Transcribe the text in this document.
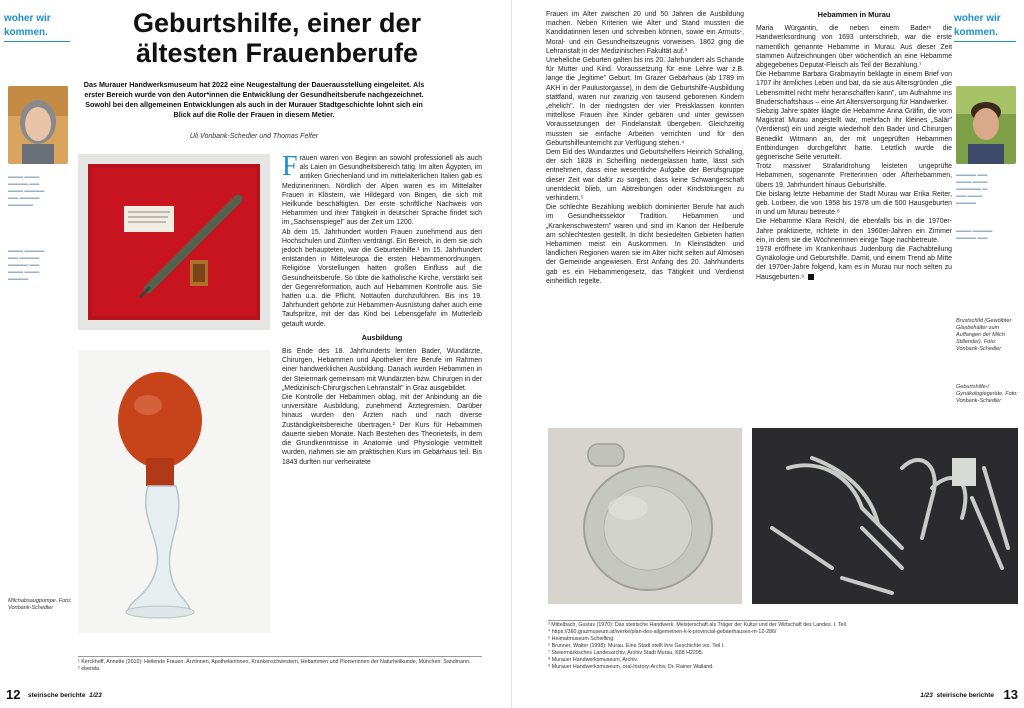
woher wir kommen.	Geburtshilfe, einer der ältesten Frauenberufe
Das Murauer Handwerksmuseum hat 2022 eine Neugestaltung der Dauerausstellung eingeleitet. Als erster Bereich wurde von den Autor*innen die Entwicklung der Gesundheitsberufe nachgezeichnet. Sowohl bei den allgemeinen Entwicklungen als auch in der Murauer Stadtgeschichte lohnt sich ein Blick auf die Rolle der Frauen in diesem Metier.
Uli Vonbank-Schedler und Thomas Felfer
▬▬▬ ▬▬▬
▬▬▬▬ ▬▬
▬▬▬ ▬▬▬▬
▬▬ ▬▬▬▬
▬▬▬▬▬
▬▬▬ ▬▬▬▬
▬▬ ▬▬▬▬
▬▬▬▬ ▬▬
▬▬▬ ▬▬▬
▬▬▬▬
Milchabsaugpumpe. Foto: Vonbank-Schedler

Frauen waren von Beginn an sowohl professionell als auch als Laien im Gesundheitsbereich tätig. Im alten Ägypten, im antiken Griechenland und im mittelalterlichen Italien gab es Medizinerinnen. Nördlich der Alpen waren es im Mittelalter Frauen in Klöstern, wie Hildegard von Bingen, die sich mit Heilkunde beschäftigten. Der erste schriftliche Nachweis von Hebammen und ihrer Tätigkeit in deutscher Sprache findet sich im „Sachsenspiegel" aus der Zeit um 1200.

Ab dem 15. Jahrhundert wurden Frauen zunehmend aus den Hochschulen und Zünften verdrängt. Ein Bereich, in dem sie sich jedoch behaupteten, war die Geburtenhilfe.¹ Im 15. Jahrhundert entstanden in Mitteleuropa die ersten Hebammenordnungen. Religiöse Vorstellungen hatten großen Einfluss auf die Gesundheitsberufe. So übte die katholische Kirche, verstärkt seit der Gegenreformation, auch auf Hebammen Kontrolle aus. Sie hatten u.a. die Pflicht, Nottaufen durchzuführen. Bis ins 19. Jahrhundert gehörte zur Hebammen-Ausrüstung daher auch eine Taufspritze, mit der das Kind bei Lebensgefahr im Mutterleib getauft wurde.

Ausbildung

Bis Ende des 18. Jahrhunderts lernten Bader, Wundärzte, Chirurgen, Hebammen und Apotheker ihre Berufe im Rahmen einer handwerklichen Ausbildung. Danach wurden Hebammen in der Steiermark gemeinsam mit Wundärzten bzw. Chirurgen in der „Medizinisch-Chirurgischen Lehranstalt" in Graz ausgebildet.

Die Kontrolle der Hebammen oblag, mit der Anbindung an die universitäre Ausbildung, zunehmend Ärztegremien. Darüber hinaus wurden den Ärzten nach und nach diverse Zuständigkeitsbereiche übertragen.² Der Kurs für Hebammen dauerte sieben Monate. Nach Bestehen des Theorieteils, in dem die Grundkenntnisse in Anatomie und Physiologie vermittelt wurden, nahmen sie am praktischen Kurs im Gebärhaus teil. Bis 1843 durften nur verheiratete

¹ Kerckhoff, Annette (2010): Heilende Frauen. Ärztinnen, Apothekerinnen, Krankenschwestern, Hebammen und Pionierinnen der Naturheilkunde, München: Sandmann.
² ebenda.
12 steirische berichte 1/23

Frauen im Alter zwischen 20 und 50 Jahren die Ausbildung machen. Neben Kriterien wie Alter und Stand mussten die Kandidatinnen lesen und schreiben können, sowie ein Armuts-, Moral- und ein Gesundheitszeugnis vorweisen. 1862 ging die Lehranstalt in der Medizinischen Fakultät auf.³

Uneheliche Geburten galten bis ins 20. Jahrhundert als Schande für Mutter und Kind. Voraussetzung für eine Lehre war z.B. lange die „legitime" Geburt. Im Grazer Gebärhaus (ab 1789 im AKH in der Paulustorgasse), in dem die Geburtshilfe-Ausbildung stattfand, waren nur zwanzig von tausend geborenen Kindern „ehelich". In der niedrigsten der vier Preisklassen konnten mittellose Frauen ihre Kinder gebären und unter gewissen Voraussetzungen der Findelanstalt übergeben. Gleichzeitig mussten sie einfache Arbeiten verrichten und für den Geburtshilfeunterricht zur Verfügung stehen.⁴

Dem Eid des Wundarztes und Geburtshelfers Heinrich Schalling, der sich 1828 in Scheifling niedergelassen hatte, lässt sich entnehmen, dass eine wesentliche Aufgabe der Berufsgruppe dieser Zeit war dafür zu sorgen, dass keine Schwangerschaft unentdeckt blieb, um Abtreibungen oder Kindstötungen zu verhindern.⁵

Die schlechte Bezahlung weiblich dominierter Berufe hat auch im Gesundheitssektor Tradition. Hebammen und „Krankenschwestern" waren und sind im Kanon der Heilberufe am schlechtesten gestellt. In dicht besiedelten Gebieten hatten Hebammen meist ein Auskommen. In Kleinstädten und ländlichen Regionen waren sie im Alter nicht selten auf Almosen der Gemeinde angewiesen. Erst Anfang des 20. Jahrhunderts gab es ein Hebammengesetz, das Tätigkeit und Verdienst einheitlich regelte.

Hebammen in Murau

Maria Würgantin, die neben einem Bader⁶ die Handwerksordnung von 1693 unterschrieb, war die erste namentlich genannte Hebamme in Murau. Aus dieser Zeit stammen Aufzeichnungen über wöchentlich an eine Hebamme abgegebenes Deputat-Fleisch als Teil der Bezahlung.⁷

Die Hebamme Barbara Grabmayrin beklagte in einem Brief von 1707 ihr ärmliches Leben und bat, da sie aus Altersgründen „die Lebensmittel nicht mehr heranschaffen kann", um Aufnahme ins Bruderschaftshaus – eine Art Altersversorgung für Handwerker.

Siebzig Jahre später klagte die Hebamme Anna Gräfin, die vom Magistrat Murau angestellt war, mehrfach ihr kleines „Salär" (Verdienst) ein und zeigte wiederholt den Bader und Chirurgen Benedikt Witmann an, der mit ungeprüften Hebammen Entbindungen durchgeführt hatte. Letztlich wurde die gegnerische Seite verurteilt.

Trotz massiver Strafandrohung leisteten ungeprüfte Hebammen, sogenannte Fretterinnen oder Afterhebammen, übers 19. Jahrhundert hinaus Geburtshilfe.

Die bislang letzte Hebamme der Stadt Murau war Erika Reiter, geb. Lorbeer, die von 1958 bis 1978 um die 500 Hausgeburten in und um Murau betreute.⁸

Die Hebamme Klara Reichl, die ebenfalls bis in die 1970er-Jahre praktizierte, richtete in den 1960er-Jahren ein Zimmer ein, in dem sie die Wöchnerinnen einige Tage nachbetreute.

1978 eröffnete im Krankenhaus Judenburg die Fachabteilung Gynäkologie und Geburtshilfe. Damit, und einem Trend ab Mitte der 1970er-Jahre folgend, kam es in Murau nur noch selten zu Hausgeburten.⁹

woher wir kommen.
▬▬▬▬ ▬▬
▬▬▬ ▬▬▬
▬▬▬▬▬ ▬
▬▬ ▬▬▬
▬▬▬▬
▬▬▬ ▬▬▬▬
▬▬▬▬ ▬▬
Brustschild (Gewölbter Glasbehälter zum Auffangen der Milch Stillender). Foto: Vonbank-Schedler
Geburtshilfe-/ Gynäkologiegeräte. Foto: Vonbank-Schedler
³ Mittelbach, Gustav (1970): Das steirische Handwerk. Meisterschaft als Träger der Kultur und der Wirtschaft des Landes. I. Teil.
⁴ https://360.grazmuseum.at/werke/plan-des-allgemeinen-k-k-provincial-gebaerhauses-m-12-286/
⁵ Heimatmuseum Scheifling.
⁶ Brunner, Walter (1998): Murau. Eine Stadt stellt ihre Geschichte vor. Teil I.
⁷ Steiermärkisches Landesarchiv, Archiv Stadt Murau, K88 H2295.
⁸ Murauer Handwerksmuseum, Archiv.
⁹ Murauer Handwerksmuseum, oral-history-Archiv, Dr. Rainer Walland.
1/23 steirische berichte 13
